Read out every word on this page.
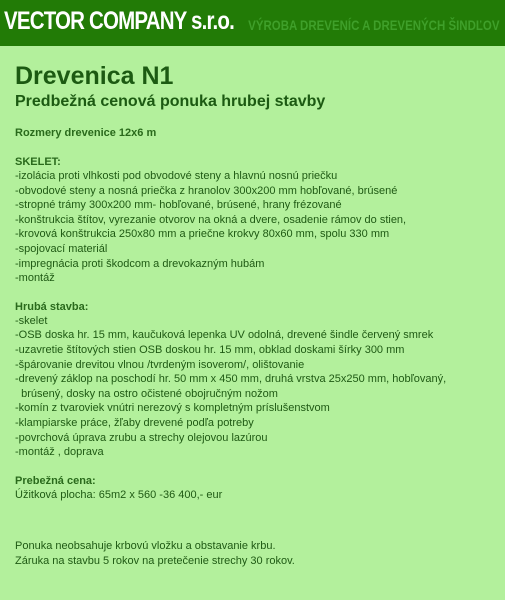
VECTOR COMPANY s.r.o. VÝROBA DREVENÍC A DREVENÝCH ŠINDĽOV
Drevenica N1
Predbežná cenová ponuka hrubej stavby
Rozmery drevenice 12x6 m
SKELET:
-izolácia proti vlhkosti pod obvodové steny a hlavnú nosnú priečku
-obvodové steny a nosná priečka z hranolov 300x200 mm hobľované, brúsené
-stropné trámy 300x200 mm- hobľované, brúsené, hrany frézované
-konštrukcia štítov, vyrezanie otvorov na okná a dvere, osadenie rámov do stien,
-krovová konštrukcia 250x80 mm a priečne krokvy 80x60 mm, spolu 330 mm
-spojovací materiál
-impregnácia proti škodcom a drevokazným hubám
-montáž
Hrubá stavba:
-skelet
-OSB doska hr. 15 mm, kaučuková lepenka UV odolná, drevené šindle červený smrek
-uzavretie štítových stien OSB doskou hr. 15 mm, obklad doskami šírky 300 mm
-špárovanie drevitou vlnou /tvrdeným isoverom/, olištovanie
-drevený záklop na poschodí hr. 50 mm x 450 mm, druhá vrstva 25x250 mm, hobľovaný,
brúsený, dosky na ostro očistené obojručným nožom
-komín z tvaroviek vnútri nerezový s kompletným príslušenstvom
-klampiarske práce, žľaby drevené podľa potreby
-povrchová úprava zrubu a strechy olejovou lazúrou
-montáž , doprava
Prebežná cena:
Úžitková plocha: 65m2 x 560 -36 400,- eur
Ponuka neobsahuje krbovú vložku a obstavanie krbu.
Záruka na stavbu 5 rokov na pretečenie strechy 30 rokov.
